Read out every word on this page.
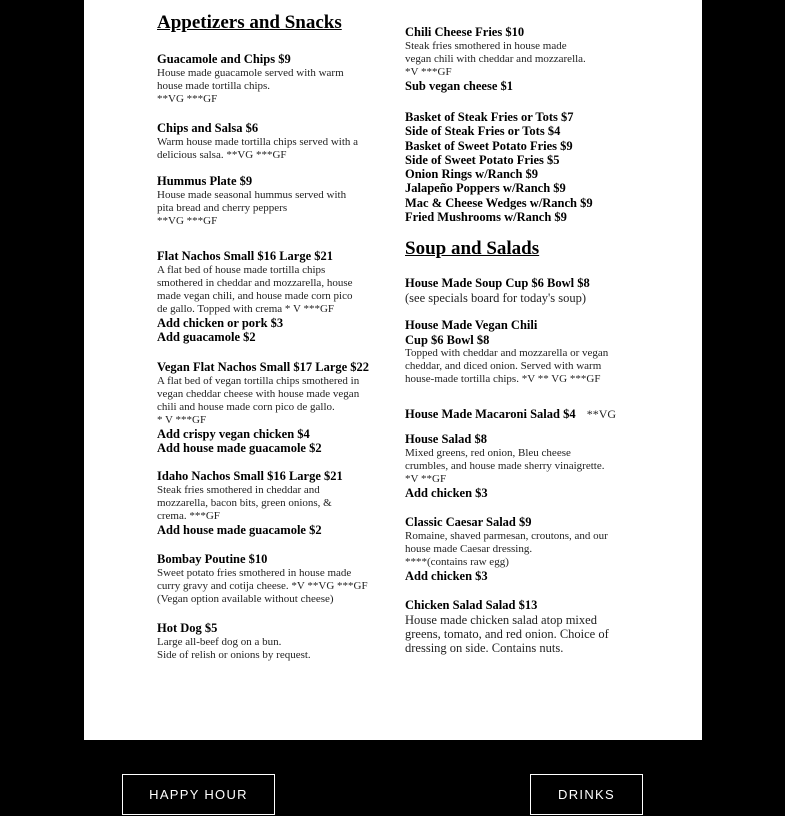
Appetizers and Snacks
Guacamole and Chips $9
House made guacamole served with warm
house made tortilla chips.
**VG ***GF
Chips and Salsa $6
Warm house made tortilla chips served with a
delicious salsa. **VG ***GF
Hummus Plate $9
House made seasonal hummus served with
pita bread and cherry peppers
**VG ***GF
Flat Nachos Small $16 Large $21
A flat bed of house made tortilla chips
smothered in cheddar and mozzarella, house
made vegan chili, and house made corn pico
de gallo. Topped with crema * V ***GF
Add chicken or pork $3
Add guacamole $2
Vegan Flat Nachos Small $17 Large $22
A flat bed of vegan tortilla chips smothered in
vegan cheddar cheese with house made vegan
chili and house made corn pico de gallo.
* V ***GF
Add crispy vegan chicken $4
Add house made guacamole $2
Idaho Nachos Small $16 Large $21
Steak fries smothered in cheddar and
mozzarella, bacon bits, green onions, &
crema. ***GF
Add house made guacamole $2
Bombay Poutine $10
Sweet potato fries smothered in house made
curry gravy and cotija cheese. *V **VG ***GF
(Vegan option available without cheese)
Hot Dog $5
Large all-beef dog on a bun.
Side of relish or onions by request.
Chili Cheese Fries $10
Steak fries smothered in house made
vegan chili with cheddar and mozzarella.
*V ***GF
Sub vegan cheese $1
Basket of Steak Fries or Tots $7
Side of Steak Fries or Tots $4
Basket of Sweet Potato Fries $9
Side of Sweet Potato Fries $5
Onion Rings w/Ranch $9
Jalapeño Poppers w/Ranch $9
Mac & Cheese Wedges w/Ranch $9
Fried Mushrooms w/Ranch $9
Soup and Salads
House Made Soup Cup $6 Bowl $8
(see specials board for today's soup)
House Made Vegan Chili
Cup $6 Bowl $8
Topped with cheddar and mozzarella or vegan
cheddar, and diced onion. Served with warm
house-made tortilla chips. *V ** VG ***GF
House Made Macaroni Salad $4 **VG
House Salad $8
Mixed greens, red onion, Bleu cheese
crumbles, and house made sherry vinaigrette.
*V **GF
Add chicken $3
Classic Caesar Salad $9
Romaine, shaved parmesan, croutons, and our
house made Caesar dressing.
****(contains raw egg)
Add chicken $3
Chicken Salad Salad $13
House made chicken salad atop mixed
greens, tomato, and red onion. Choice of
dressing on side. Contains nuts.
HAPPY HOUR	DRINKS
